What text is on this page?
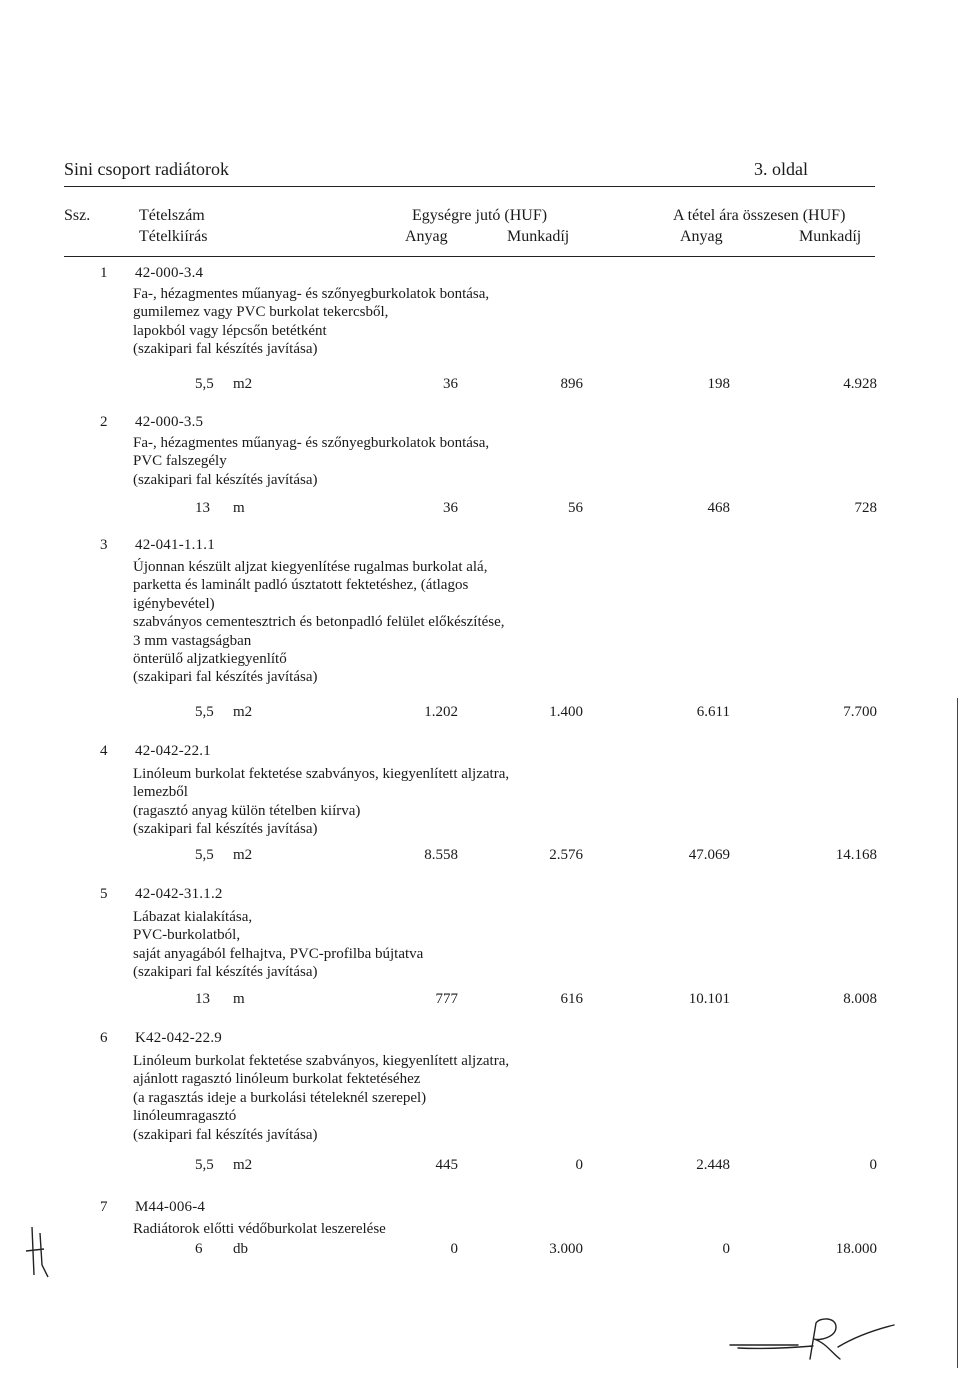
Sini csoport radiátorok	3. oldal
Ssz.	Tételszám
Tételkiírás
Egységre jutó (HUF)	A tétel ára összesen (HUF)
Anyag	Munkadíj	Anyag	Munkadíj
1 42-000-3.4
Fa-, hézagmentes műanyag- és szőnyegburkolatok bontása,
gumilemez vagy PVC burkolat tekercsből,
lapokból vagy lépcsőn betétként
(szakipari fal készítés javítása)
5,5 m2	36	896	198	4.928
2 42-000-3.5
Fa-, hézagmentes műanyag- és szőnyegburkolatok bontása,
PVC falszegély
(szakipari fal készítés javítása)
13 m	36	56	468	728
3 42-041-1.1.1
Újonnan készült aljzat kiegyenlítése rugalmas burkolat alá,
parketta és laminált padló úsztatott fektetéshez, (átlagos
igénybevétel)
szabványos cementesztrich és betonpadló felület előkészítése,
3 mm vastagságban
önterülő aljzatkiegyenlítő
(szakipari fal készítés javítása)
5,5 m2	1.202	1.400	6.611	7.700
4 42-042-22.1
Linóleum burkolat fektetése szabványos, kiegyenlített aljzatra,
lemezből
(ragasztó anyag külön tételben kiírva)
(szakipari fal készítés javítása)
5,5 m2	8.558	2.576	47.069	14.168
5 42-042-31.1.2
Lábazat kialakítása,
PVC-burkolatból,
saját anyagából felhajtva, PVC-profilba bújtatva
(szakipari fal készítés javítása)
13 m	777	616	10.101	8.008
6 K42-042-22.9
Linóleum burkolat fektetése szabványos, kiegyenlített aljzatra,
ajánlott ragasztó linóleum burkolat fektetéséhez
(a ragasztás ideje a burkolási tételeknél szerepel)
linóleumragasztó
(szakipari fal készítés javítása)
5,5 m2	445	0	2.448	0
7 M44-006-4
Radiátorok előtti védőburkolat leszerelése
6 db	0	3.000	0	18.000
